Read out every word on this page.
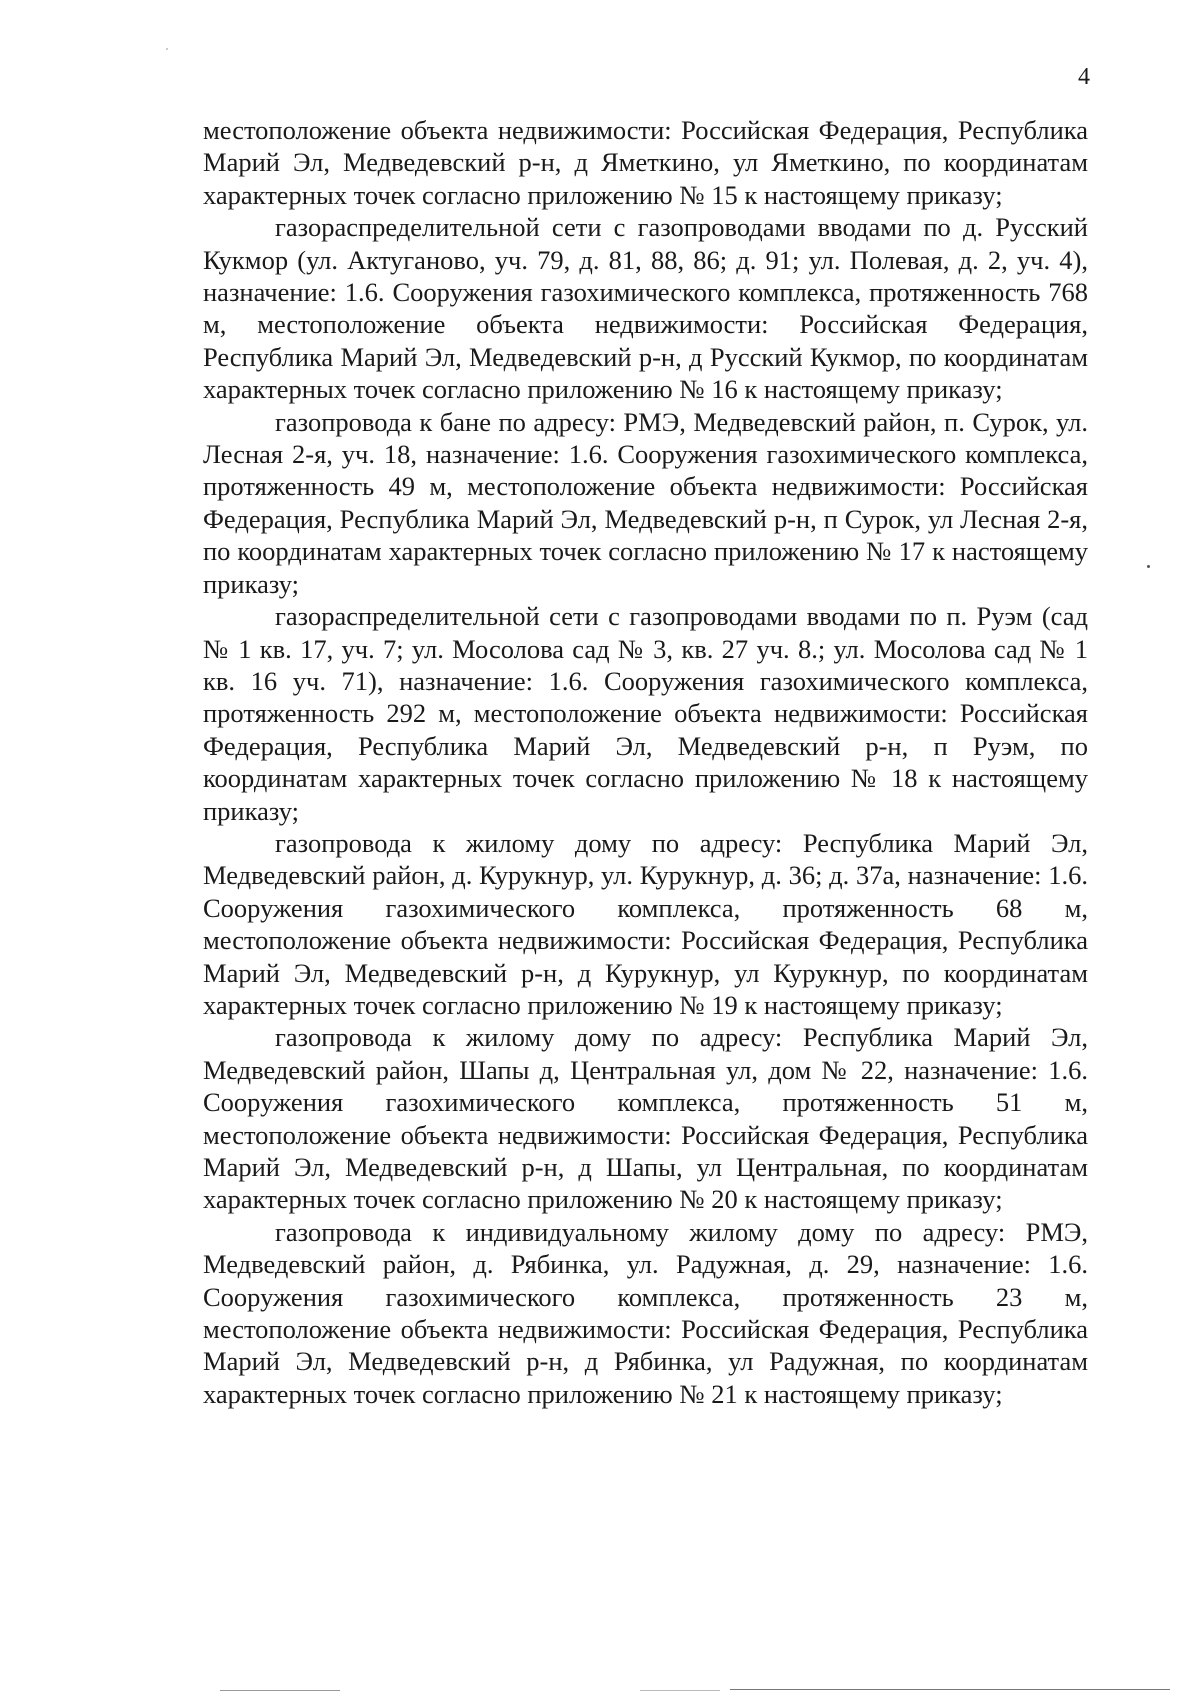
4

местоположение объекта недвижимости: Российская Федерация, Республика Марий Эл, Медведевский р-н, д Яметкино, ул Яметкино, по координатам характерных точек согласно приложению № 15 к настоящему приказу;

газораспределительной сети с газопроводами вводами по д. Русский Кукмор (ул. Актуганово, уч. 79, д. 81, 88, 86; д. 91; ул. Полевая, д. 2, уч. 4), назначение: 1.6. Сооружения газохимического комплекса, протяженность 768 м, местоположение объекта недвижимости: Российская Федерация, Республика Марий Эл, Медведевский р-н, д Русский Кукмор, по координатам характерных точек согласно приложению № 16 к настоящему приказу;

газопровода к бане по адресу: РМЭ, Медведевский район, п. Сурок, ул. Лесная 2-я, уч. 18, назначение: 1.6. Сооружения газохимического комплекса, протяженность 49 м, местоположение объекта недвижимости: Российская Федерация, Республика Марий Эл, Медведевский р-н, п Сурок, ул Лесная 2-я, по координатам характерных точек согласно приложению № 17 к настоящему приказу;

газораспределительной сети с газопроводами вводами по п. Руэм (сад № 1 кв. 17, уч. 7; ул. Мосолова сад № 3, кв. 27 уч. 8.; ул. Мосолова сад № 1 кв. 16 уч. 71), назначение: 1.6. Сооружения газохимического комплекса, протяженность 292 м, местоположение объекта недвижимости: Российская Федерация, Республика Марий Эл, Медведевский р-н, п Руэм, по координатам характерных точек согласно приложению № 18 к настоящему приказу;

газопровода к жилому дому по адресу: Республика Марий Эл, Медведевский район, д. Курукнур, ул. Курукнур, д. 36; д. 37а, назначение: 1.6. Сооружения газохимического комплекса, протяженность 68 м, местоположение объекта недвижимости: Российская Федерация, Республика Марий Эл, Медведевский р-н, д Курукнур, ул Курукнур, по координатам характерных точек согласно приложению № 19 к настоящему приказу;

газопровода к жилому дому по адресу: Республика Марий Эл, Медведевский район, Шапы д, Центральная ул, дом № 22, назначение: 1.6. Сооружения газохимического комплекса, протяженность 51 м, местоположение объекта недвижимости: Российская Федерация, Республика Марий Эл, Медведевский р-н, д Шапы, ул Центральная, по координатам характерных точек согласно приложению № 20 к настоящему приказу;

газопровода к индивидуальному жилому дому по адресу: РМЭ, Медведевский район, д. Рябинка, ул. Радужная, д. 29, назначение: 1.6. Сооружения газохимического комплекса, протяженность 23 м, местоположение объекта недвижимости: Российская Федерация, Республика Марий Эл, Медведевский р-н, д Рябинка, ул Радужная, по координатам характерных точек согласно приложению № 21 к настоящему приказу;
